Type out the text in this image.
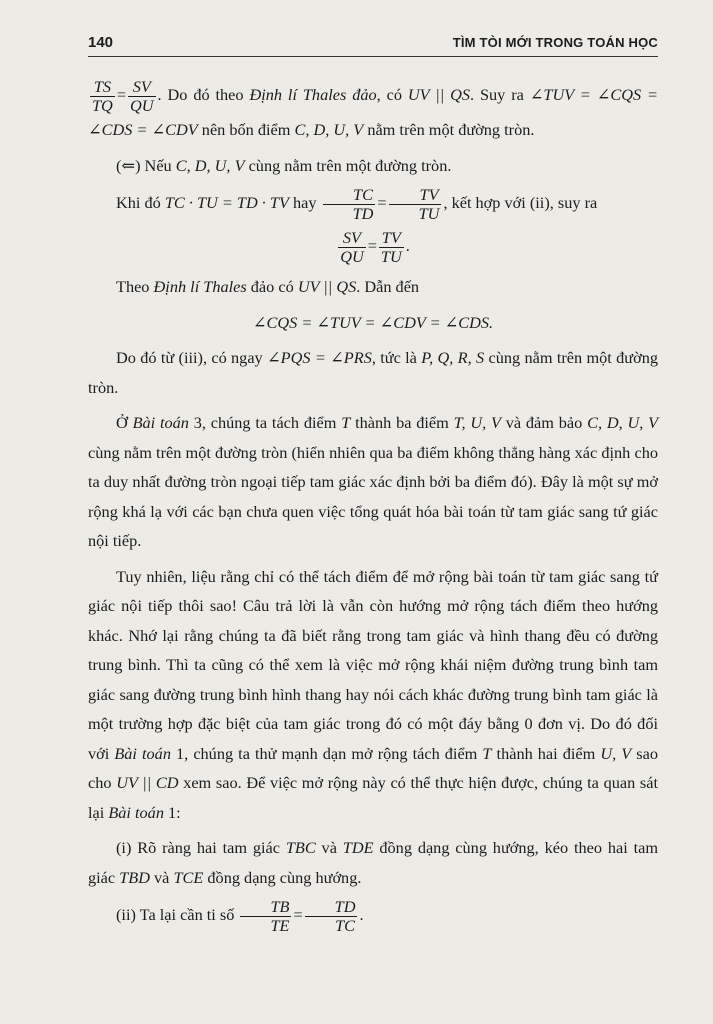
140	TÌM TÒI MỚI TRONG TOÁN HỌC

$\frac{TS}{TQ} = \frac{SV}{QU}$ . Do đó theo Định lí Thales đảo, có UV || QS. Suy ra ∠TUV = ∠CQS = ∠CDS = ∠CDV nên bốn điểm C, D, U, V nằm trên một đường tròn.

(⇐) Nếu C, D, U, V cùng nằm trên một đường tròn.

Khi đó TC · TU = TD · TV hay $\frac{TC}{TD} = \frac{TV}{TU}$ , kết hợp với (ii), suy ra

$\frac{SV}{QU} = \frac{TV}{TU}$ .

Theo Định lí Thales đảo có UV || QS. Dẫn đến

∠CQS = ∠TUV = ∠CDV = ∠CDS.

Do đó từ (iii), có ngay ∠PQS = ∠PRS, tức là P, Q, R, S cùng nằm trên một đường tròn.

Ở Bài toán 3, chúng ta tách điểm T thành ba điểm T, U, V và đảm bảo C, D, U, V cùng nằm trên một đường tròn (hiển nhiên qua ba điểm không thẳng hàng xác định cho ta duy nhất đường tròn ngoại tiếp tam giác xác định bởi ba điểm đó). Đây là một sự mở rộng khá lạ với các bạn chưa quen việc tổng quát hóa bài toán từ tam giác sang tứ giác nội tiếp.

Tuy nhiên, liệu rằng chỉ có thể tách điểm để mở rộng bài toán từ tam giác sang tứ giác nội tiếp thôi sao! Câu trả lời là vẫn còn hướng mở rộng tách điểm theo hướng khác. Nhớ lại rằng chúng ta đã biết rằng trong tam giác và hình thang đều có đường trung bình. Thì ta cũng có thể xem là việc mở rộng khái niệm đường trung bình tam giác sang đường trung bình hình thang hay nói cách khác đường trung bình tam giác là một trường hợp đặc biệt của tam giác trong đó có một đáy bằng 0 đơn vị. Do đó đối với Bài toán 1, chúng ta thử mạnh dạn mở rộng tách điểm T thành hai điểm U, V sao cho UV || CD xem sao. Để việc mở rộng này có thể thực hiện được, chúng ta quan sát lại Bài toán 1:

(i) Rõ ràng hai tam giác TBC và TDE đồng dạng cùng hướng, kéo theo hai tam giác TBD và TCE đồng dạng cùng hướng.

(ii) Ta lại cần ti số $\frac{TB}{TE} = \frac{TD}{TC}$ .
